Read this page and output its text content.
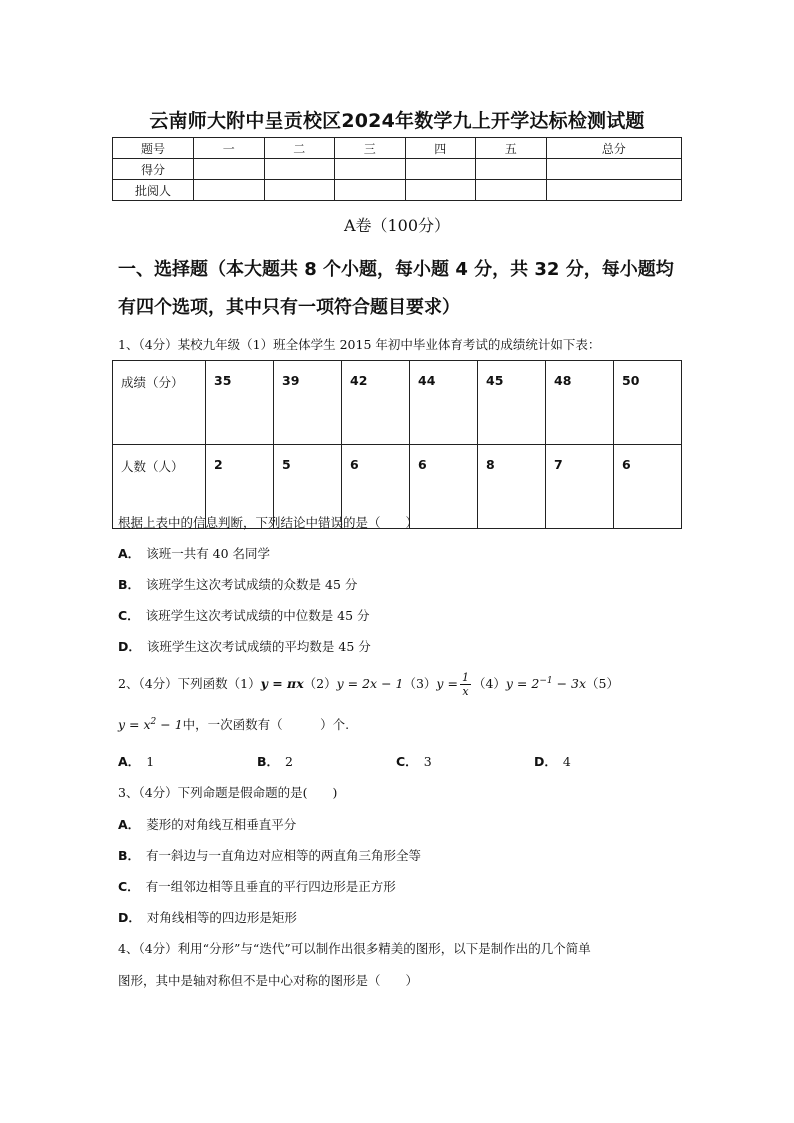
云南师大附中呈贡校区2024年数学九上开学达标检测试题
题号	一	二	三	四	五	总分
得分						
批阅人						
A卷（100分）
一、选择题（本大题共 8 个小题，每小题 4 分，共 32 分，每小题均
有四个选项，其中只有一项符合题目要求）
1、（4分）某校九年级（1）班全体学生 2015 年初中毕业体育考试的成绩统计如下表：
成绩（分）	35	39	42	44	45	48	50
人数（人）	2	5	6	6	8	7	6
根据上表中的信息判断，下列结论中错误的是（　　）
A． 该班一共有 40 名同学
B． 该班学生这次考试成绩的众数是 45 分
C． 该班学生这次考试成绩的中位数是 45 分
D． 该班学生这次考试成绩的平均数是 45 分
2、（4分）下列函数$(1)y = \pi x(2)y = 2x - 1(3)y = \frac{1}{x} (4)y = 2^{-1} - 3x(5)$
$y = x^2 - 1$中，一次函数有（　　　）个.
A． 1	B． 2	C． 3	D． 4
3、（4分）下列命题是假命题的是(　　)
A． 菱形的对角线互相垂直平分
B． 有一斜边与一直角边对应相等的两直角三角形全等
C． 有一组邻边相等且垂直的平行四边形是正方形
D． 对角线相等的四边形是矩形
4、（4分）利用“分形”与“迭代”可以制作出很多精美的图形，以下是制作出的几个简单
图形，其中是轴对称但不是中心对称的图形是（　　）
